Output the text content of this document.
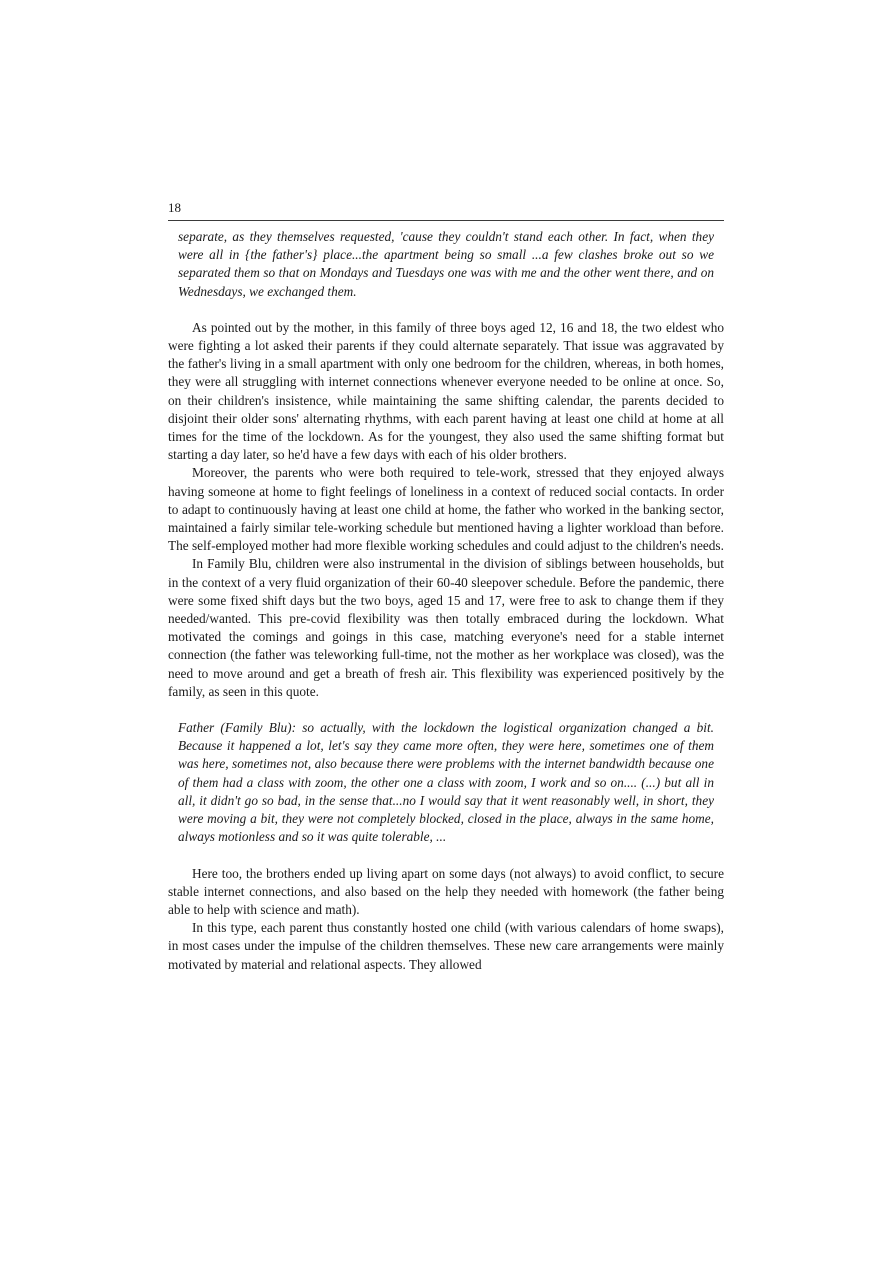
18

separate, as they themselves requested, 'cause they couldn't stand each other. In fact, when they were all in {the father's} place...the apartment being so small ...a few clashes broke out so we separated them so that on Mondays and Tuesdays one was with me and the other went there, and on Wednesdays, we exchanged them.

As pointed out by the mother, in this family of three boys aged 12, 16 and 18, the two eldest who were fighting a lot asked their parents if they could alternate separately. That issue was aggravated by the father's living in a small apartment with only one bedroom for the children, whereas, in both homes, they were all struggling with internet connections whenever everyone needed to be online at once. So, on their children's insistence, while maintaining the same shifting calendar, the parents decided to disjoint their older sons' alternating rhythms, with each parent having at least one child at home at all times for the time of the lockdown. As for the youngest, they also used the same shifting format but starting a day later, so he'd have a few days with each of his older brothers.

Moreover, the parents who were both required to tele-work, stressed that they enjoyed always having someone at home to fight feelings of loneliness in a context of reduced social contacts. In order to adapt to continuously having at least one child at home, the father who worked in the banking sector, maintained a fairly similar tele-working schedule but mentioned having a lighter workload than before. The self-employed mother had more flexible working schedules and could adjust to the children's needs.

In Family Blu, children were also instrumental in the division of siblings between households, but in the context of a very fluid organization of their 60-40 sleepover schedule. Before the pandemic, there were some fixed shift days but the two boys, aged 15 and 17, were free to ask to change them if they needed/wanted. This pre-covid flexibility was then totally embraced during the lockdown. What motivated the comings and goings in this case, matching everyone's need for a stable internet connection (the father was teleworking full-time, not the mother as her workplace was closed), was the need to move around and get a breath of fresh air. This flexibility was experienced positively by the family, as seen in this quote.

Father (Family Blu): so actually, with the lockdown the logistical organization changed a bit. Because it happened a lot, let's say they came more often, they were here, sometimes one of them was here, sometimes not, also because there were problems with the internet bandwidth because one of them had a class with zoom, the other one a class with zoom, I work and so on.... (...) but all in all, it didn't go so bad, in the sense that...no I would say that it went reasonably well, in short, they were moving a bit, they were not completely blocked, closed in the place, always in the same home, always motionless and so it was quite tolerable, ...

Here too, the brothers ended up living apart on some days (not always) to avoid conflict, to secure stable internet connections, and also based on the help they needed with homework (the father being able to help with science and math).

In this type, each parent thus constantly hosted one child (with various calendars of home swaps), in most cases under the impulse of the children themselves. These new care arrangements were mainly motivated by material and relational aspects. They allowed
